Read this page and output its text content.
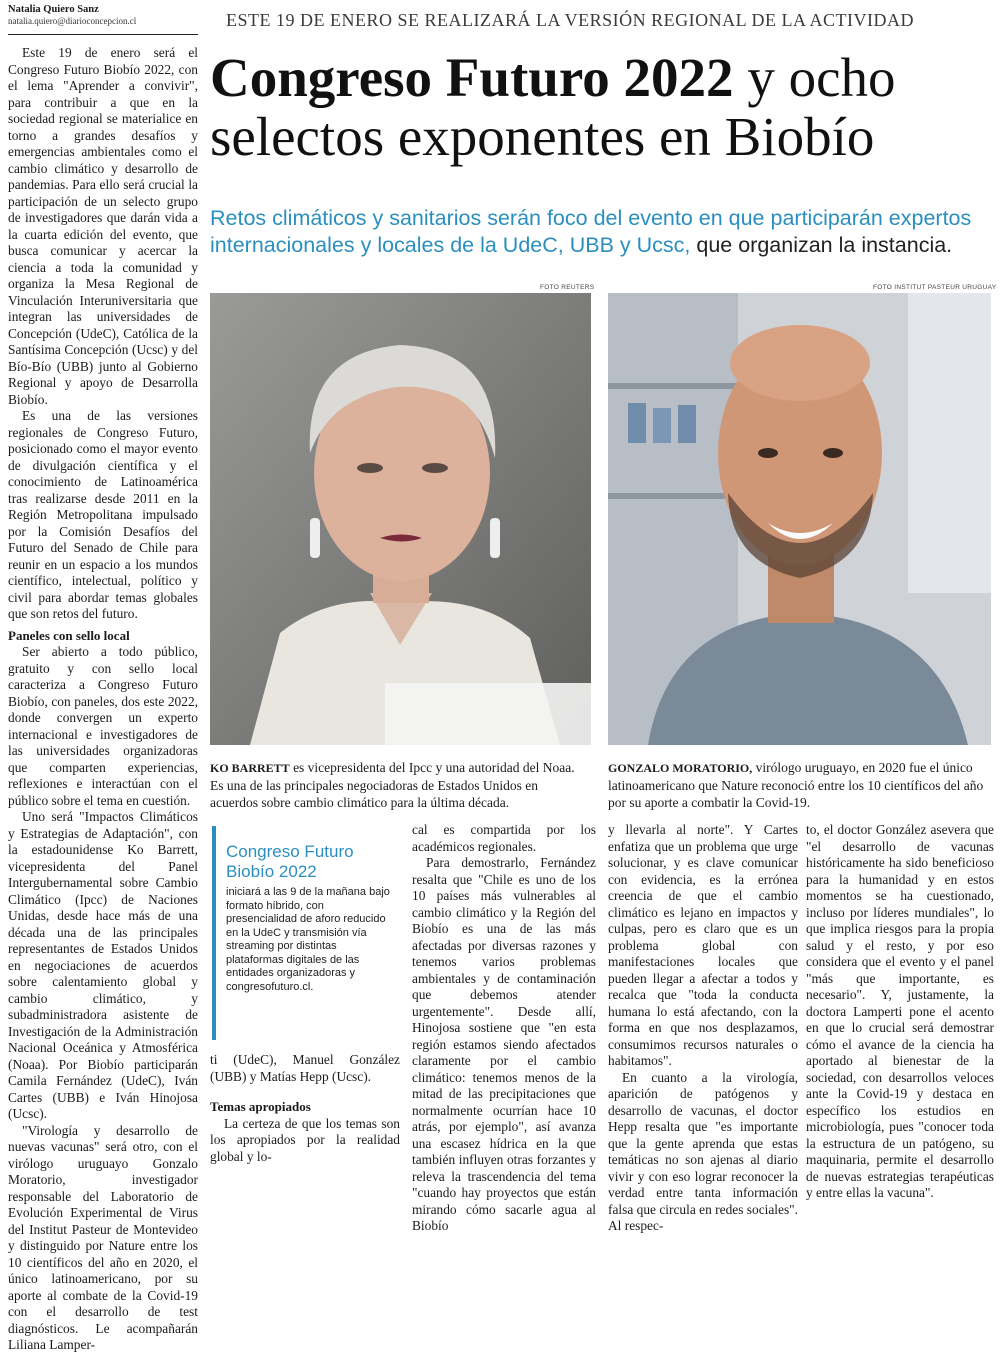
Natalia Quiero Sanz
natalia.quiero@diarioconcepcion.cl

Este 19 de enero será el Congreso Futuro Biobío 2022, con el lema "Aprender a convivir", para contribuir a que en la sociedad regional se materialice en torno a grandes desafíos y emergencias ambientales como el cambio climático y desarrollo de pandemias. Para ello será crucial la participación de un selecto grupo de investigadores que darán vida a la cuarta edición del evento, que busca comunicar y acercar la ciencia a toda la comunidad y organiza la Mesa Regional de Vinculación Interuniversitaria que integran las universidades de Concepción (UdeC), Católica de la Santísima Concepción (Ucsc) y del Bío-Bío (UBB) junto al Gobierno Regional y apoyo de Desarrolla Biobío.

Es una de las versiones regionales de Congreso Futuro, posicionado como el mayor evento de divulgación científica y el conocimiento de Latinoamérica tras realizarse desde 2011 en la Región Metropolitana impulsado por la Comisión Desafíos del Futuro del Senado de Chile para reunir en un espacio a los mundos científico, intelectual, político y civil para abordar temas globales que son retos del futuro.

Paneles con sello local

Ser abierto a todo público, gratuito y con sello local caracteriza a Congreso Futuro Biobío, con paneles, dos este 2022, donde convergen un experto internacional e investigadores de las universidades organizadoras que comparten experiencias, reflexiones e interactúan con el público sobre el tema en cuestión.

Uno será "Impactos Climáticos y Estrategias de Adaptación", con la estadounidense Ko Barrett, vicepresidenta del Panel Intergubernamental sobre Cambio Climático (Ipcc) de Naciones Unidas, desde hace más de una década una de las principales representantes de Estados Unidos en negociaciones de acuerdos sobre calentamiento global y cambio climático, y subadministradora asistente de Investigación de la Administración Nacional Oceánica y Atmosférica (Noaa). Por Biobío participarán Camila Fernández (UdeC), Iván Cartes (UBB) e Iván Hinojosa (Ucsc).

"Virología y desarrollo de nuevas vacunas" será otro, con el virólogo uruguayo Gonzalo Moratorio, investigador responsable del Laboratorio de Evolución Experimental de Virus del Institut Pasteur de Montevideo y distinguido por Nature entre los 10 científicos del año en 2020, el único latinoamericano, por su aporte al combate de la Covid-19 con el desarrollo de test diagnósticos. Le acompañarán Liliana Lamper-

ESTE 19 DE ENERO SE REALIZARÁ LA VERSIÓN REGIONAL DE LA ACTIVIDAD
Congreso Futuro 2022 y ocho selectos exponentes en Biobío
Retos climáticos y sanitarios serán foco del evento en que participarán expertos internacionales y locales de la UdeC, UBB y Ucsc, que organizan la instancia.
FOTO REUTERS	FOTO INSTITUT PASTEUR URUGUAY
KO BARRETT es vicepresidenta del Ipcc y una autoridad del Noaa. Es una de las principales negociadoras de Estados Unidos en acuerdos sobre cambio climático para la última década.
GONZALO MORATORIO, virólogo uruguayo, en 2020 fue el único latinoamericano que Nature reconoció entre los 10 científicos del año por su aporte a combatir la Covid-19.
Congreso Futuro Biobío 2022
iniciará a las 9 de la mañana bajo formato híbrido, con presencialidad de aforo reducido en la UdeC y transmisión vía streaming por distintas plataformas digitales de las entidades organizadoras y congresofuturo.cl.

ti (UdeC), Manuel González (UBB) y Matías Hepp (Ucsc).

Temas apropiados

La certeza de que los temas son los apropiados por la realidad global y lo-

cal es compartida por los académicos regionales.

Para demostrarlo, Fernández resalta que "Chile es uno de los 10 países más vulnerables al cambio climático y la Región del Biobío es una de las más afectadas por diversas razones y tenemos varios problemas ambientales y de contaminación que debemos atender urgentemente". Desde allí, Hinojosa sostiene que "en esta región estamos siendo afectados claramente por el cambio climático: tenemos menos de la mitad de las precipitaciones que normalmente ocurrían hace 10 atrás, por ejemplo", así avanza una escasez hídrica en la que también influyen otras forzantes y releva la trascendencia del tema "cuando hay proyectos que están mirando cómo sacarle agua al Biobío

y llevarla al norte". Y Cartes enfatiza que un problema que urge solucionar, y es clave comunicar con evidencia, es la errónea creencia de que el cambio climático es lejano en impactos y culpas, pero es claro que es un problema global con manifestaciones locales que pueden llegar a afectar a todos y recalca que "toda la conducta humana lo está afectando, con la forma en que nos desplazamos, consumimos recursos naturales o habitamos".

En cuanto a la virología, aparición de patógenos y desarrollo de vacunas, el doctor Hepp resalta que "es importante que la gente aprenda que estas temáticas no son ajenas al diario vivir y con eso lograr reconocer la verdad entre tanta información falsa que circula en redes sociales". Al respec-

to, el doctor González asevera que "el desarrollo de vacunas históricamente ha sido beneficioso para la humanidad y en estos momentos se ha cuestionado, incluso por líderes mundiales", lo que implica riesgos para la propia salud y el resto, y por eso considera que el evento y el panel "más que importante, es necesario". Y, justamente, la doctora Lamperti pone el acento en que lo crucial será demostrar cómo el avance de la ciencia ha aportado al bienestar de la sociedad, con desarrollos veloces ante la Covid-19 y destaca en específico los estudios en microbiología, pues "conocer toda la estructura de un patógeno, su maquinaria, permite el desarrollo de nuevas estrategias terapéuticas y entre ellas la vacuna".
